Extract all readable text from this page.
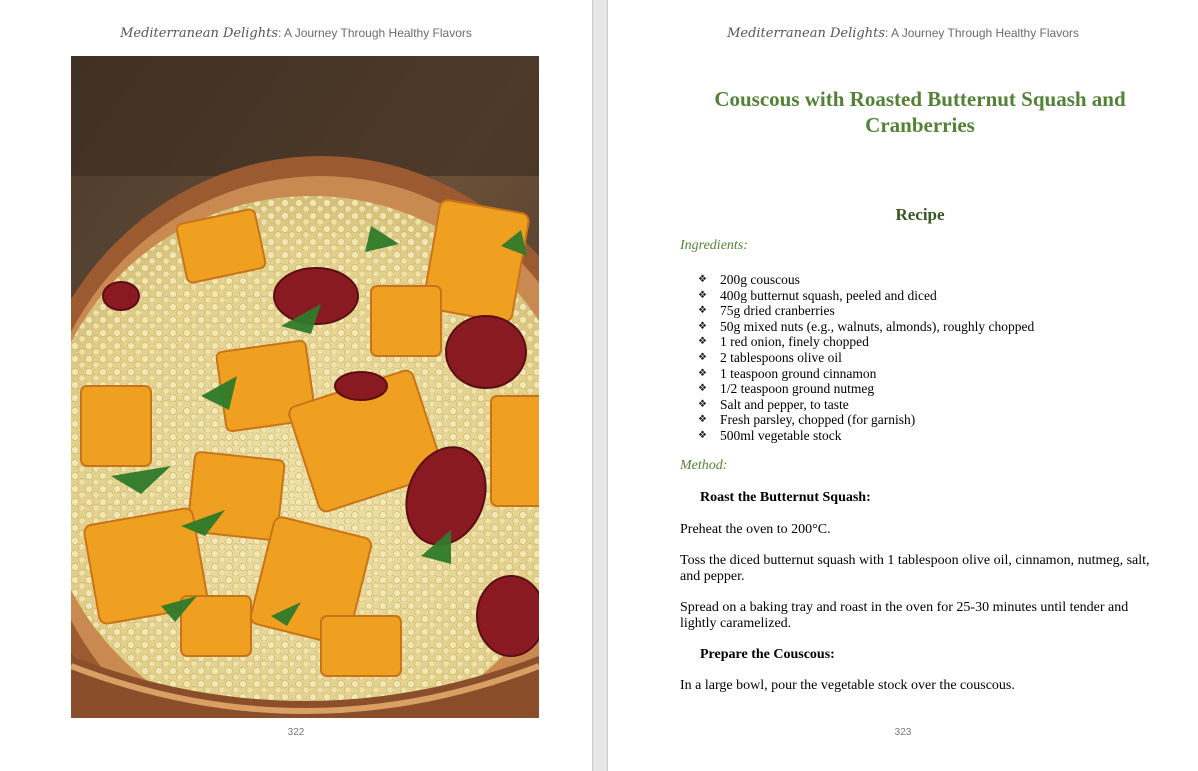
Mediterranean Delights: A Journey Through Healthy Flavors
322
Mediterranean Delights: A Journey Through Healthy Flavors
323
Couscous with Roasted Butternut Squash and
Cranberries
Recipe
Ingredients:
❖ 200g couscous
❖ 400g butternut squash, peeled and diced
❖ 75g dried cranberries
❖ 50g mixed nuts (e.g., walnuts, almonds), roughly chopped
❖ 1 red onion, finely chopped
❖ 2 tablespoons olive oil
❖ 1 teaspoon ground cinnamon
❖ 1/2 teaspoon ground nutmeg
❖ Salt and pepper, to taste
❖ Fresh parsley, chopped (for garnish)
❖ 500ml vegetable stock
Method:
Roast the Butternut Squash:
Preheat the oven to 200°C.
Toss the diced butternut squash with 1 tablespoon olive oil, cinnamon, nutmeg, salt, and pepper.
Spread on a baking tray and roast in the oven for 25-30 minutes until tender and lightly caramelized.
Prepare the Couscous:
In a large bowl, pour the vegetable stock over the couscous.
